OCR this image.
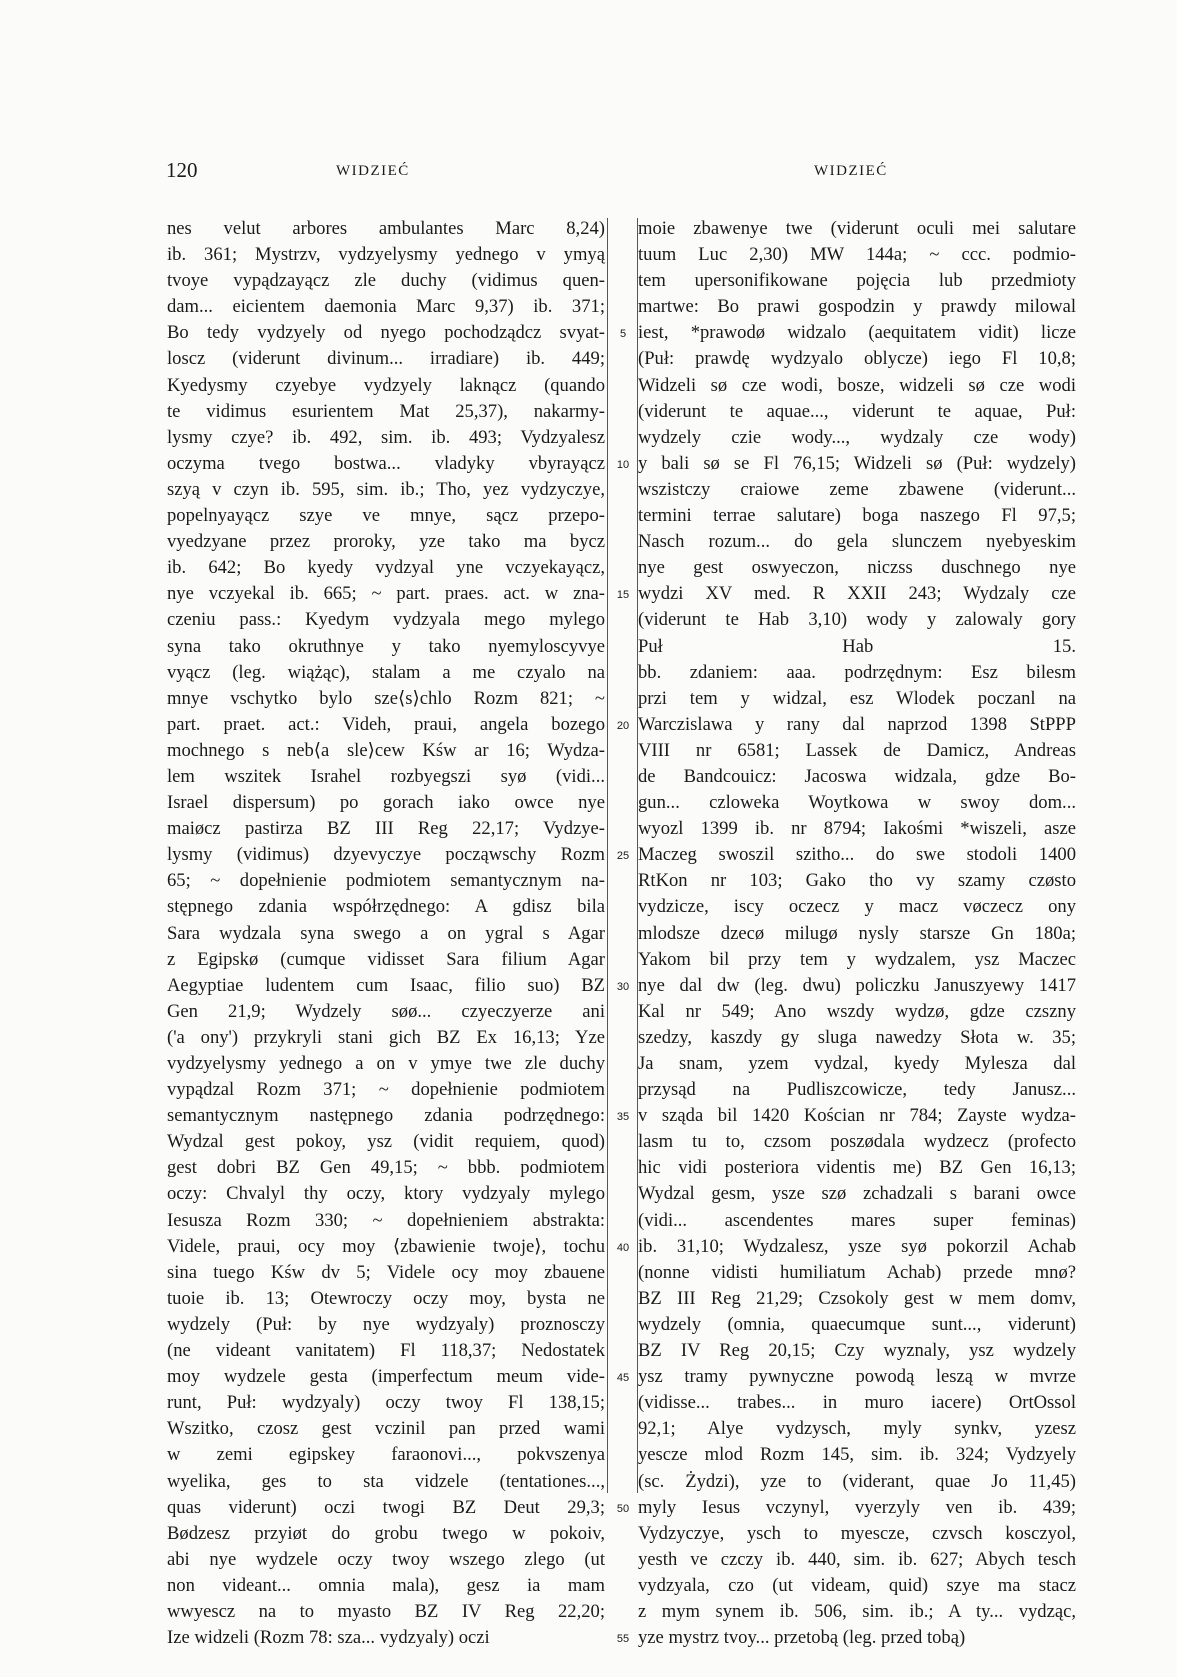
120	WIDZIEĆ	WIDZIEĆ
nes velut arbores ambulantes Marc 8,24)
ib. 361; Mystrzv, vydzyelysmy yednego v ymyą
tvoye vypądzayącz zle duchy (vidimus quen-
dam... eicientem daemonia Marc 9,37) ib. 371;
Bo tedy vydzyely od nyego pochodządcz svyat-
loscz (viderunt divinum... irradiare) ib. 449;
Kyedysmy czyebye vydzyely laknącz (quando
te vidimus esurientem Mat 25,37), nakarmy-
lysmy czye? ib. 492, sim. ib. 493; Vydzyalesz
oczyma tvego bostwa... vladyky vbyrayącz
szyą v czyn ib. 595, sim. ib.; Tho, yez vydzyczye,
popelnyayącz szye ve mnye, sącz przepo-
vyedzyane przez proroky, yze tako ma bycz
ib. 642; Bo kyedy vydzyal yne vczyekayącz,
nye vczyekal ib. 665; ~ part. praes. act. w zna-
czeniu pass.: Kyedym vydzyala mego mylego
syna tako okruthnye y tako nyemyloscyvye
vyącz (leg. wiążąc), stalam a me czyalo na
mnye vschytko bylo sze⟨s⟩chlo Rozm 821; ~
part. praet. act.: Videh, praui, angela bozego
mochnego s neb⟨a sle⟩cew Kśw ar 16; Wydza-
lem wszitek Israhel rozbyegszi syø (vidi...
Israel dispersum) po gorach iako owce nye
maiøcz pastirza BZ III Reg 22,17; Vydzye-
lysmy (vidimus) dzyevyczye począwschy Rozm
65; ~ dopełnienie podmiotem semantycznym na-
stępnego zdania współrzędnego: A gdisz bila
Sara wydzala syna swego a on ygral s Agar
z Egipskø (cumque vidisset Sara filium Agar
Aegyptiae ludentem cum Isaac, filio suo) BZ
Gen 21,9; Wydzely søø... czyeczyerze ani
('a ony') przykryli stani gich BZ Ex 16,13; Yze
vydzyelysmy yednego a on v ymye twe zle duchy
vypądzal Rozm 371; ~ dopełnienie podmiotem
semantycznym następnego zdania podrzędnego:
Wydzal gest pokoy, ysz (vidit requiem, quod)
gest dobri BZ Gen 49,15; ~ bbb. podmiotem
oczy: Chvalyl thy oczy, ktory vydzyaly mylego
Iesusza Rozm 330; ~ dopełnieniem abstrakta:
Videle, praui, ocy moy ⟨zbawienie twoje⟩, tochu
sina tuego Kśw dv 5; Videle ocy moy zbauene
tuoie ib. 13; Otewroczy oczy moy, bysta ne
wydzely (Puł: by nye wydzyaly) proznosczy
(ne videant vanitatem) Fl 118,37; Nedostatek
moy wydzele gesta (imperfectum meum vide-
runt, Puł: wydzyaly) oczy twoy Fl 138,15;
Wszitko, czosz gest vczinil pan przed wami
w zemi egipskey faraonovi..., pokvszenya
wyelika, ges to sta vidzele (tentationes...,
quas viderunt) oczi twogi BZ Deut 29,3;
Bødzesz przyiøt do grobu twego w pokoiv,
abi nye wydzele oczy twoy wszego zlego (ut
non videant... omnia mala), gesz ia mam
wwyescz na to myasto BZ IV Reg 22,20;
Ize widzeli (Rozm 78: sza... vydzyaly) oczi
5
10
15
20
25
30
35
40
45
50
55
moie zbawenye twe (viderunt oculi mei salutare
tuum Luc 2,30) MW 144a; ~ ccc. podmio-
tem upersonifikowane pojęcia lub przedmioty
martwe: Bo prawi gospodzin y prawdy milowal
iest, *prawodø widzalo (aequitatem vidit) licze
(Puł: prawdę wydzyalo oblycze) iego Fl 10,8;
Widzeli sø cze wodi, bosze, widzeli sø cze wodi
(viderunt te aquae..., viderunt te aquae, Puł:
wydzely czie wody..., wydzaly cze wody)
y bali sø se Fl 76,15; Widzeli sø (Puł: wydzely)
wszistczy craiowe zeme zbawene (viderunt...
termini terrae salutare) boga naszego Fl 97,5;
Nasch rozum... do gela slunczem nyebyeskim
nye gest oswyeczon, niczss duschnego nye
wydzi XV med. R XXII 243; Wydzaly cze
(viderunt te Hab 3,10) wody y zalowaly gory
Puł Hab 15.
bb. zdaniem: aaa. podrzędnym: Esz bilesm
przi tem y widzal, esz Wlodek poczanl na
Warczislawa y rany dal naprzod 1398 StPPP
VIII nr 6581; Lassek de Damicz, Andreas
de Bandcouicz: Jacoswa widzala, gdze Bo-
gun... czloweka Woytkowa w swoy dom...
wyozl 1399 ib. nr 8794; Iakośmi *wiszeli, asze
Maczeg swoszil szitho... do swe stodoli 1400
RtKon nr 103; Gako tho vy szamy czøsto
vydzicze, iscy oczecz y macz vøczecz ony
mlodsze dzecø milugø nysly starsze Gn 180a;
Yakom bil przy tem y wydzalem, ysz Maczec
nye dal dw (leg. dwu) policzku Januszyewy 1417
Kal nr 549; Ano wszdy wydzø, gdze czszny
szedzy, kaszdy gy sluga nawedzy Słota w. 35;
Ja snam, yzem vydzal, kyedy Mylesza dal
przysąd na Pudliszcowicze, tedy Janusz...
v sząda bil 1420 Kościan nr 784; Zayste wydza-
lasm tu to, czsom poszødala wydzecz (profecto
hic vidi posteriora videntis me) BZ Gen 16,13;
Wydzal gesm, ysze szø zchadzali s barani owce
(vidi... ascendentes mares super feminas)
ib. 31,10; Wydzalesz, ysze syø pokorzil Achab
(nonne vidisti humiliatum Achab) przede mnø?
BZ III Reg 21,29; Czsokoly gest w mem domv,
wydzely (omnia, quaecumque sunt..., viderunt)
BZ IV Reg 20,15; Czy wyznaly, ysz wydzely
ysz tramy pywnyczne powodą leszą w mvrze
(vidisse... trabes... in muro iacere) OrtOssol
92,1; Alye vydzysch, myly synkv, yzesz
yescze mlod Rozm 145, sim. ib. 324; Vydzyely
(sc. Żydzi), yze to (viderant, quae Jo 11,45)
myly Iesus vczynyl, vyerzyly ven ib. 439;
Vydzyczye, ysch to myescze, czvsch kosczyol,
yesth ve czczy ib. 440, sim. ib. 627; Abych tesch
vydzyala, czo (ut videam, quid) szye ma stacz
z mym synem ib. 506, sim. ib.; A ty... vydząc,
yze mystrz tvoy... przetobą (leg. przed tobą)
